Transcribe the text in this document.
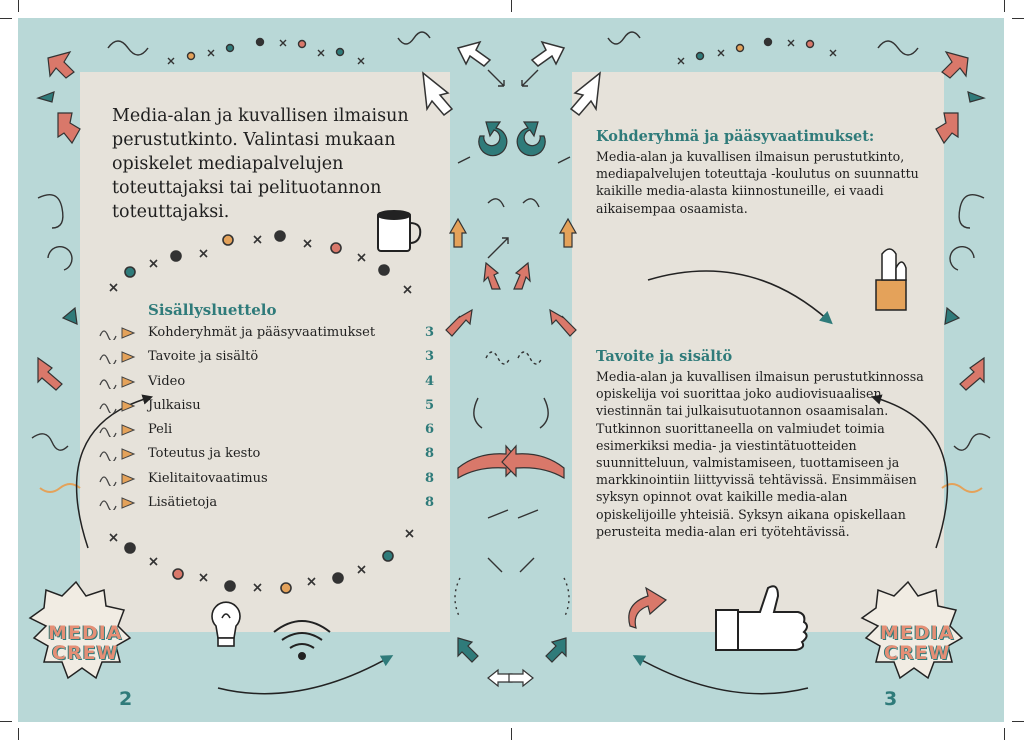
Media-alan ja kuvallisen ilmaisun perustutkinto. Valintasi mukaan opiskelet mediapalvelujen toteuttajaksi tai pelituotannon toteuttajaksi.
Sisällysluettelo
Kohderyhmät ja pääsyvaatimukset	3
Tavoite ja sisältö	3
Video	4
Julkaisu	5
Peli	6
Toteutus ja kesto	8
Kielitaitovaatimus	8
Lisätietoja	8
Kohderyhmä ja pääsyvaatimukset:
Media-alan ja kuvallisen ilmaisun perustutkinto, mediapalvelujen toteuttaja -koulutus on suunnattu kaikille media-alasta kiinnostuneille, ei vaadi aikaisempaa osaamista.
Tavoite ja sisältö
Media-alan ja kuvallisen ilmaisun perustutkinnossa opiskelija voi suorittaa joko audiovisuaalisen viestinnän tai julkaisutuotannon osaamisalan. Tutkinnon suorittaneella on valmiudet toimia esimerkiksi media- ja viestintätuotteiden suunnitteluun, valmistamiseen, tuottamiseen ja markkinointiin liittyvissä tehtävissä. Ensimmäisen syksyn opinnot ovat kaikille media-alan opiskelijoille yhteisiä. Syksyn aikana opiskellaan perusteita media-alan eri työtehtävissä.
MEDIA
CREW
MEDIA
CREW
2	3
